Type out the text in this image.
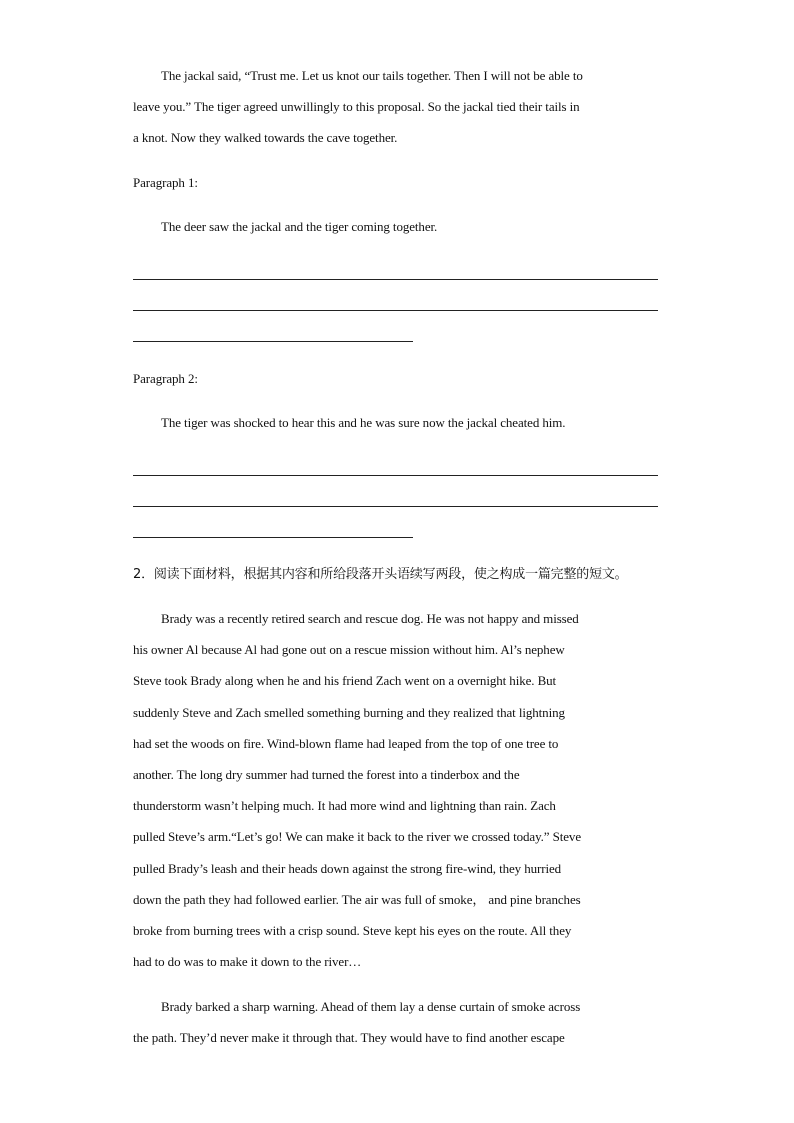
The jackal said, “Trust me. Let us knot our tails together. Then I will not be able to
leave you.” The tiger agreed unwillingly to this proposal. So the jackal tied their tails in
a knot. Now they walked towards the cave together.
Paragraph 1:
The deer saw the jackal and the tiger coming together.
Paragraph 2:
The tiger was shocked to hear this and he was sure now the jackal cheated him.
2．阅读下面材料，根据其内容和所给段落开头语续写两段，使之构成一篇完整的短文。
Brady was a recently retired search and rescue dog. He was not happy and missed
his owner Al because Al had gone out on a rescue mission without him. Al’s nephew
Steve took Brady along when he and his friend Zach went on a overnight hike. But
suddenly Steve and Zach smelled something burning and they realized that lightning
had set the woods on fire. Wind-blown flame had leaped from the top of one tree to
another. The long dry summer had turned the forest into a tinderbox and the
thunderstorm wasn’t helping much. It had more wind and lightning than rain. Zach
pulled Steve’s arm.“Let’s go! We can make it back to the river we crossed today.” Steve
pulled Brady’s leash and their heads down against the strong fire-wind, they hurried
down the path they had followed earlier. The air was full of smoke， and pine branches
broke from burning trees with a crisp sound. Steve kept his eyes on the route. All they
had to do was to make it down to the river…
Brady barked a sharp warning. Ahead of them lay a dense curtain of smoke across
the path. They’d never make it through that. They would have to find another escape
